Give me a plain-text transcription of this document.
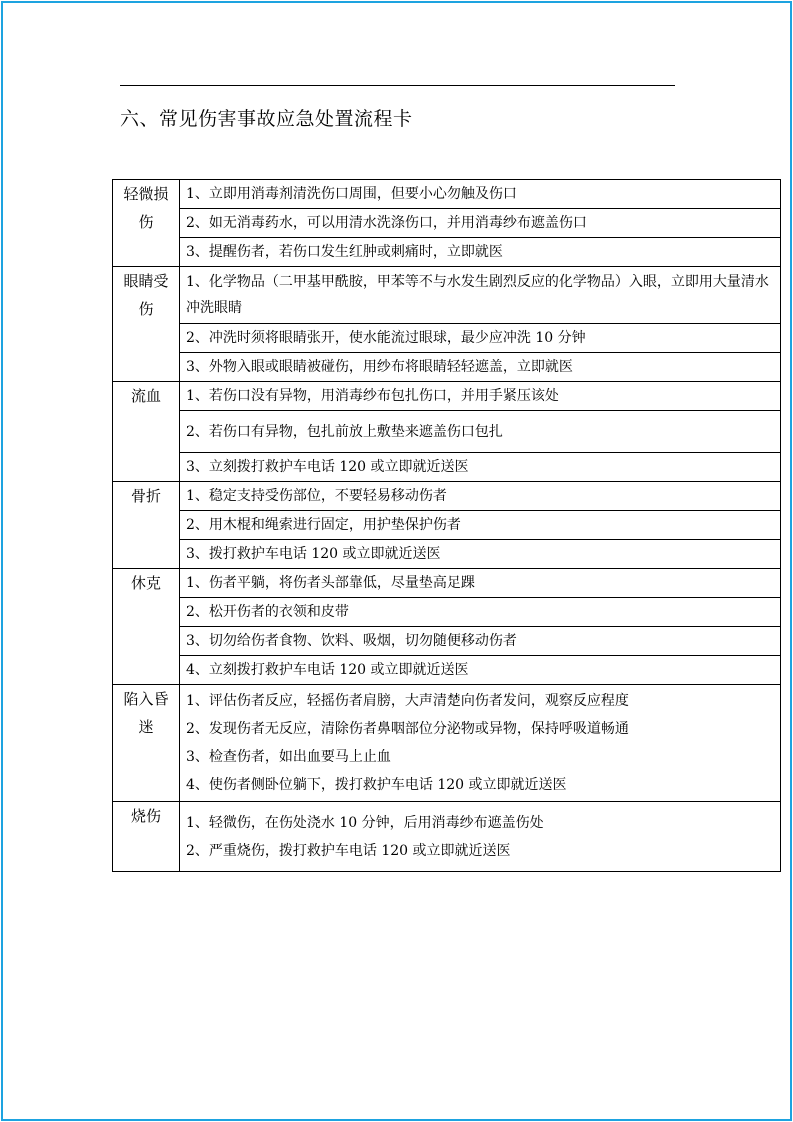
六、常见伤害事故应急处置流程卡
轻微损伤	1、立即用消毒剂清洗伤口周围，但要小心勿触及伤口
	2、如无消毒药水，可以用清水洗涤伤口，并用消毒纱布遮盖伤口
	3、提醒伤者，若伤口发生红肿或刺痛时，立即就医
眼睛受伤	1、化学物品（二甲基甲酰胺，甲苯等不与水发生剧烈反应的化学物品）入眼，立即用大量清水冲洗眼睛
	2、冲洗时须将眼睛张开，使水能流过眼球，最少应冲洗 10 分钟
	3、外物入眼或眼睛被碰伤，用纱布将眼睛轻轻遮盖，立即就医
流血	1、若伤口没有异物，用消毒纱布包扎伤口，并用手紧压该处
	2、若伤口有异物，包扎前放上敷垫来遮盖伤口包扎
	3、立刻拨打救护车电话 120 或立即就近送医
骨折	1、稳定支持受伤部位，不要轻易移动伤者
	2、用木棍和绳索进行固定，用护垫保护伤者
	3、拨打救护车电话 120 或立即就近送医
休克	1、伤者平躺，将伤者头部靠低，尽量垫高足踝
	2、松开伤者的衣领和皮带
	3、切勿给伤者食物、饮料、吸烟，切勿随便移动伤者
	4、立刻拨打救护车电话 120 或立即就近送医
陷入昏迷	1、评估伤者反应，轻摇伤者肩膀，大声清楚向伤者发问，观察反应程度
2、发现伤者无反应，清除伤者鼻咽部位分泌物或异物，保持呼吸道畅通
3、检查伤者，如出血要马上止血
4、使伤者侧卧位躺下，拨打救护车电话 120 或立即就近送医

烧伤	1、轻微伤，在伤处浇水 10 分钟，后用消毒纱布遮盖伤处
2、严重烧伤，拨打救护车电话 120 或立即就近送医
